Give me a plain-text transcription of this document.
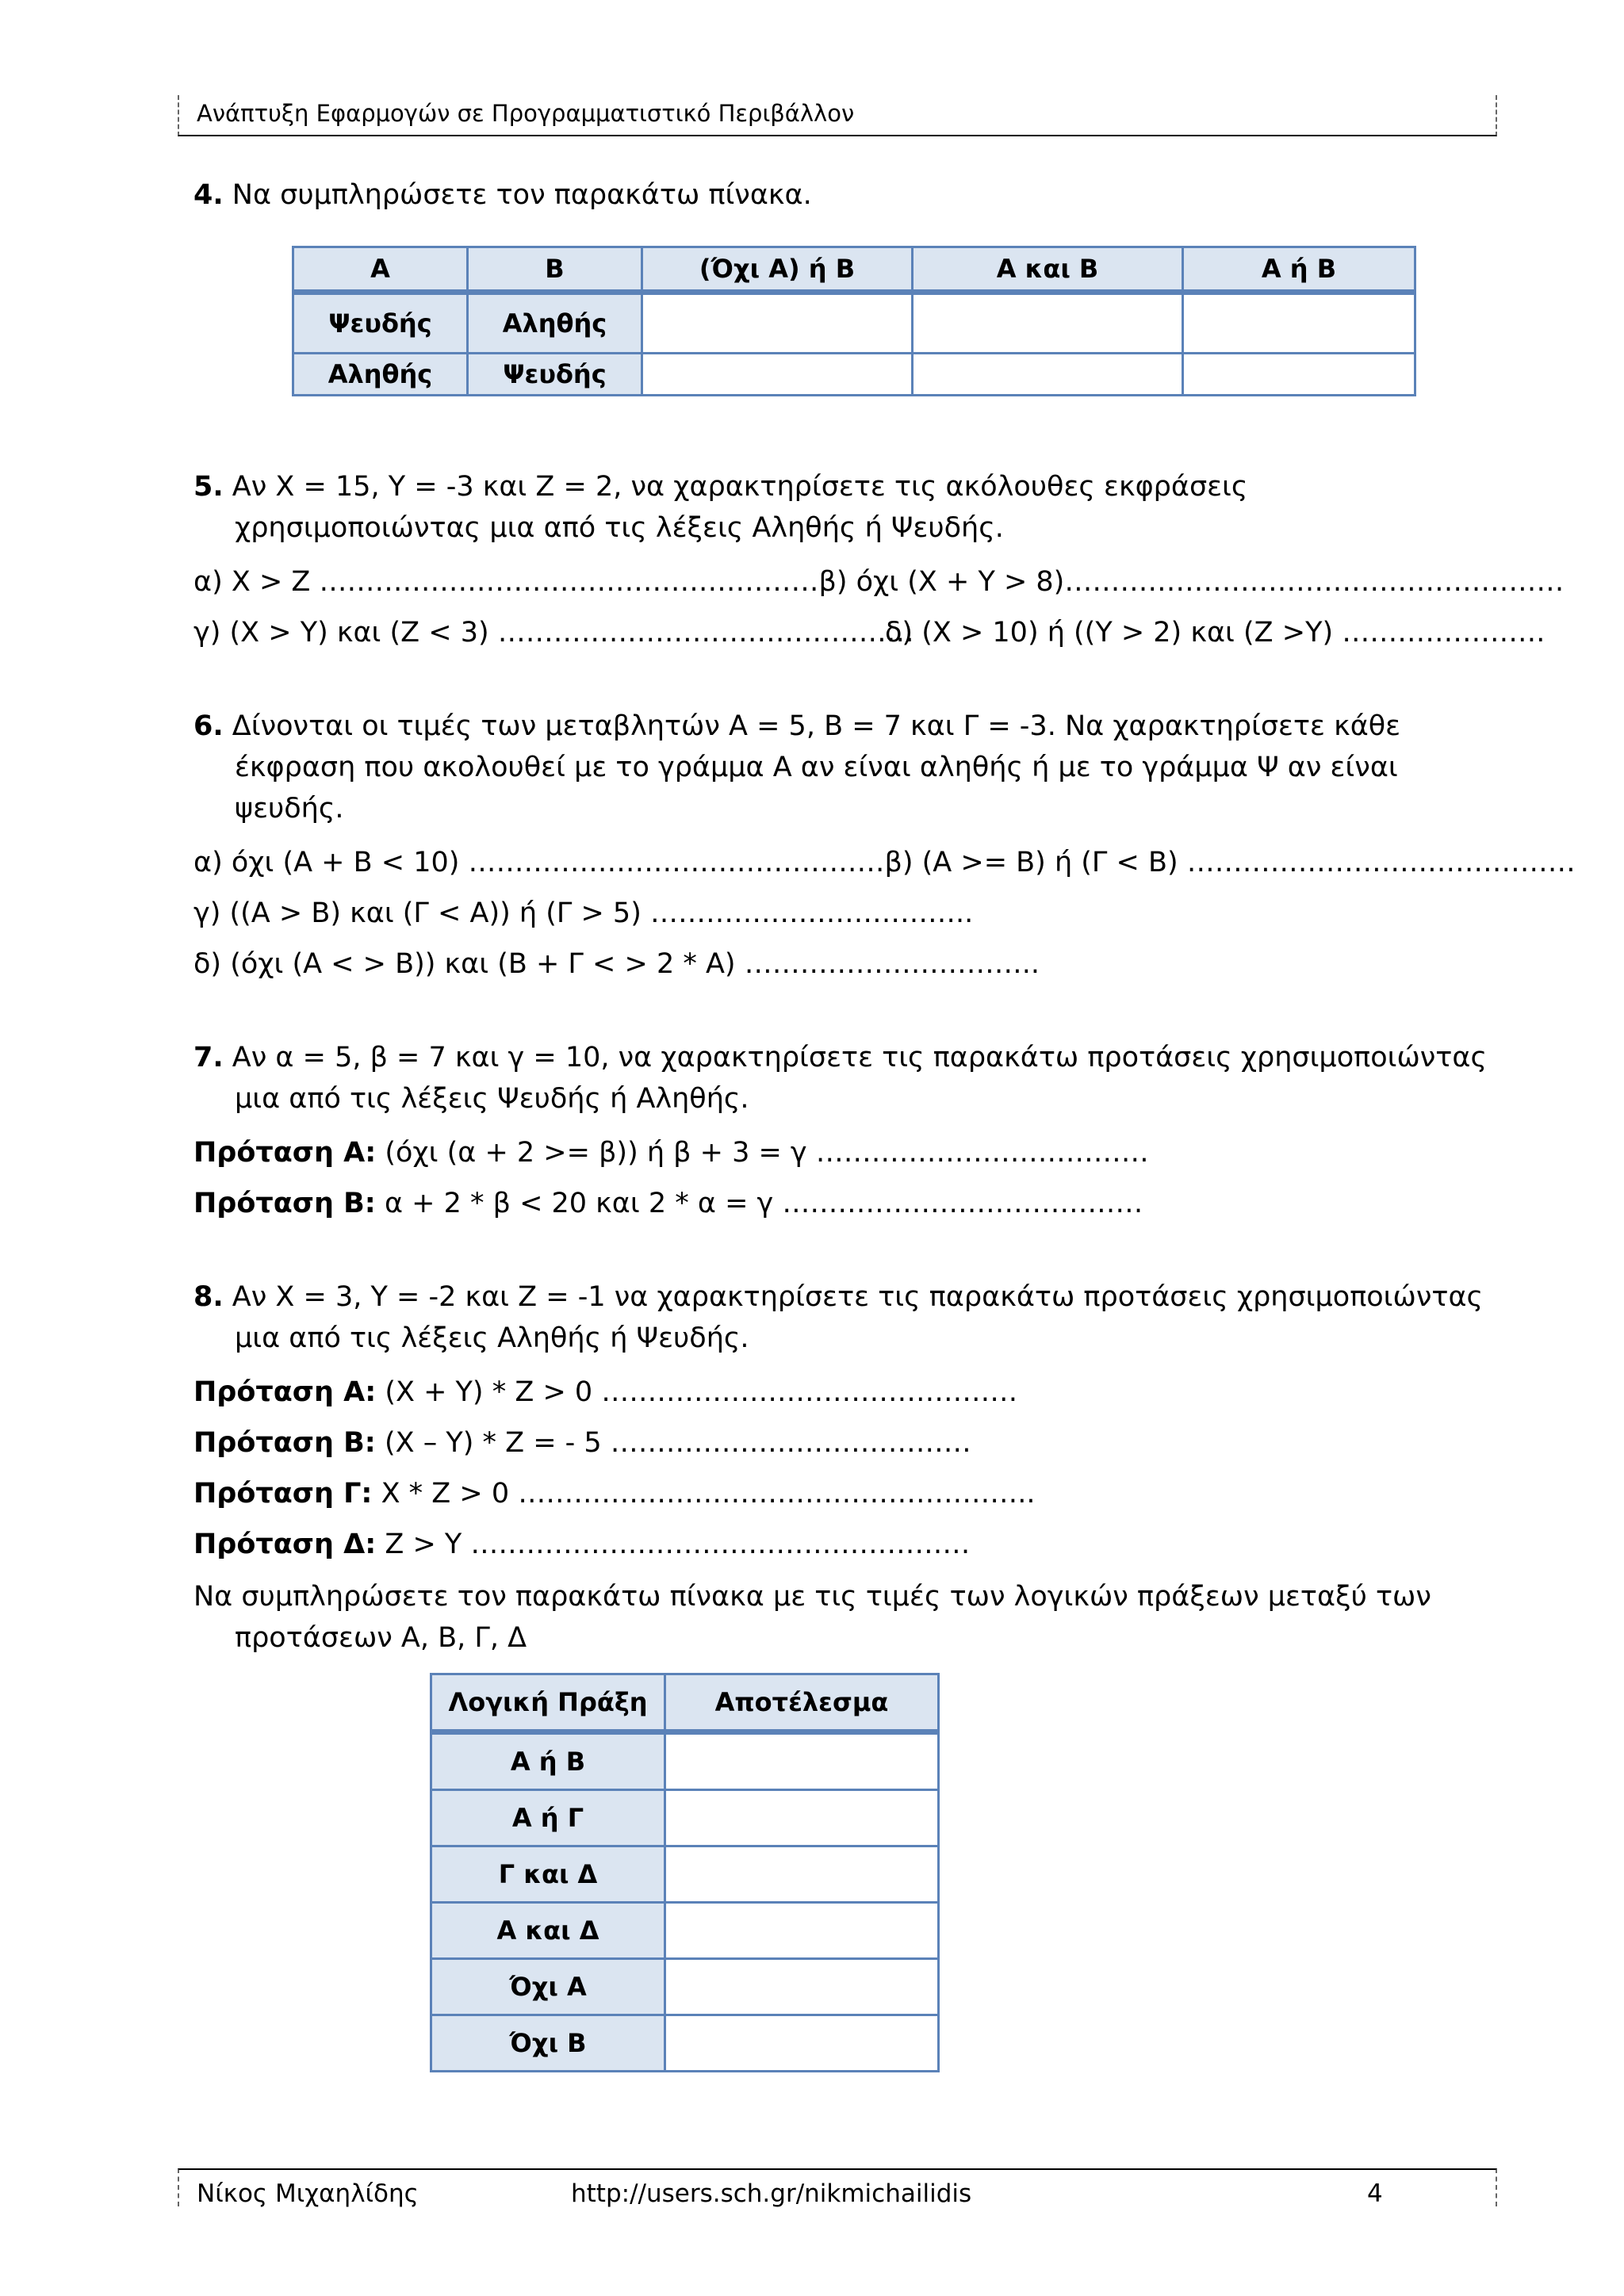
Ανάπτυξη Εφαρμογών σε Προγραμματιστικό Περιβάλλον
4. Να συμπληρώσετε τον παρακάτω πίνακα.
Α	Β	(Όχι Α) ή Β	Α και Β	Α ή Β
Ψευδής	Αληθής			
Αληθής	Ψευδής			
5. Αν Χ = 15, Υ = -3 και Ζ = 2, να χαρακτηρίσετε τις ακόλουθες εκφράσεις χρησιμοποιώντας μια από τις λέξεις Αληθής ή Ψευδής.
α) Χ > Ζ ……………………………………………… β) όχι (Χ + Υ > 8)………………………………………………
γ) (Χ > Υ) και (Ζ < 3) ………………………………………
δ) (Χ > 10) ή ((Υ > 2) και (Ζ >Υ) ………………….
6. Δίνονται οι τιμές των μεταβλητών Α = 5, Β = 7 και Γ = -3. Να χαρακτηρίσετε κάθε έκφραση που ακολουθεί με το γράμμα Α αν είναι αληθής ή με το γράμμα Ψ αν είναι ψευδής.
α) όχι (Α + Β < 10) ……………………………………… β) (Α >= Β) ή (Γ < Β) ……………………………………
γ) ((Α > Β) και (Γ < Α)) ή (Γ > 5) ……………………………..
δ) (όχι (Α < > Β)) και (Β + Γ < > 2 * Α) …………………………..
7. Αν α = 5, β = 7 και γ = 10, να χαρακτηρίσετε τις παρακάτω προτάσεις χρησιμοποιώντας μια από τις λέξεις Ψευδής ή Αληθής.
Πρόταση Α: (όχι (α + 2 >= β)) ή β + 3 = γ ………………………………
Πρόταση Β: α + 2 * β < 20 και 2 * α = γ …………………………………
8. Αν Χ = 3, Υ = -2 και Ζ = -1 να χαρακτηρίσετε τις παρακάτω προτάσεις χρησιμοποιώντας μια από τις λέξεις Αληθής ή Ψευδής.
Πρόταση Α: (Χ + Υ) * Ζ > 0 ………………………………………
Πρόταση Β: (Χ – Υ) * Ζ = - 5 …………………………………
Πρόταση Γ: Χ * Ζ > 0 ………………………………………………..
Πρόταση Δ: Ζ > Υ ………………………………………………
Να συμπληρώσετε τον παρακάτω πίνακα με τις τιμές των λογικών πράξεων μεταξύ των προτάσεων Α, Β, Γ, Δ
Λογική Πράξη	Αποτέλεσμα
Α ή Β	
Α ή Γ	
Γ και Δ	
Α και Δ	
Όχι Α	
Όχι Β	
Νίκος Μιχαηλίδης	http://users.sch.gr/nikmichailidis	4
